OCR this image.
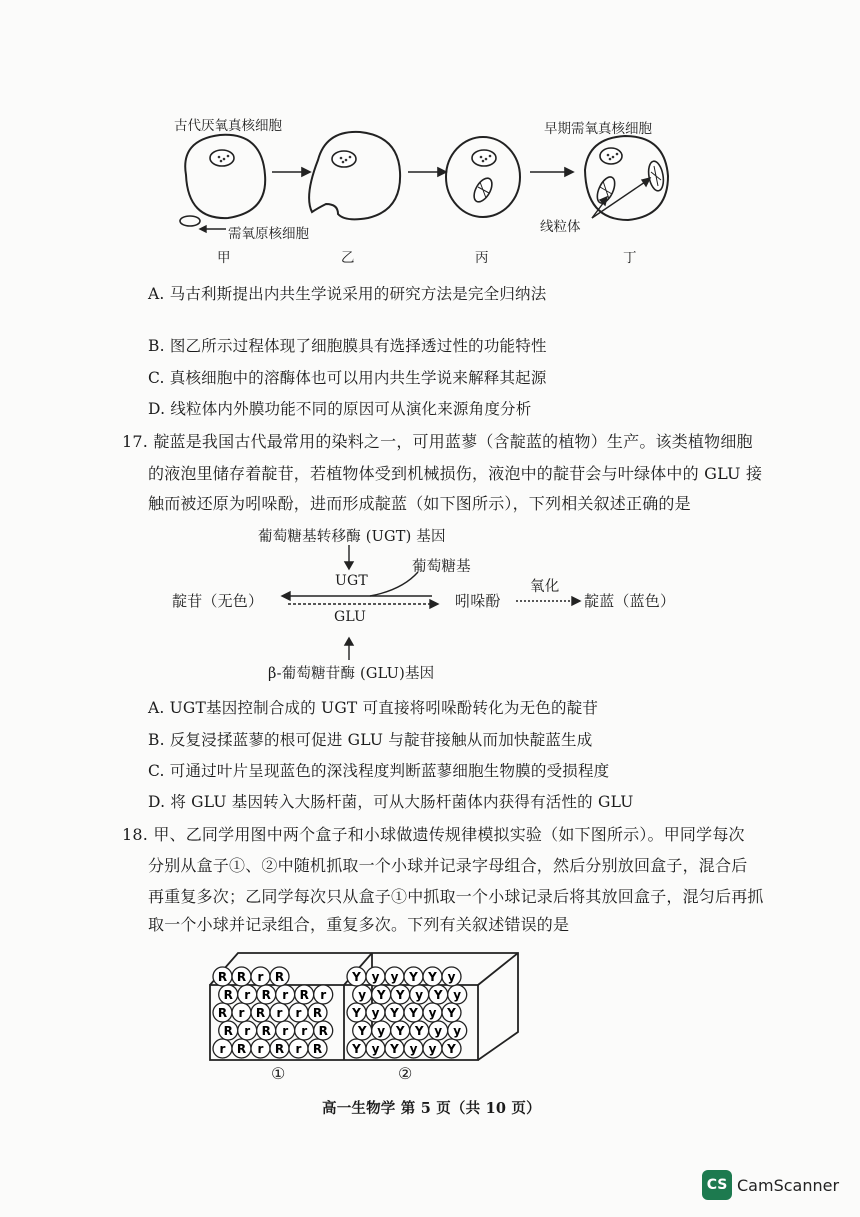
古代厌氧真核细胞
需氧原核细胞
早期需氧真核细胞
线粒体
甲	乙	丙	丁
A. 马古利斯提出内共生学说采用的研究方法是完全归纳法
B. 图乙所示过程体现了细胞膜具有选择透过性的功能特性
C. 真核细胞中的溶酶体也可以用内共生学说来解释其起源
D. 线粒体内外膜功能不同的原因可从演化来源角度分析
17. 靛蓝是我国古代最常用的染料之一，可用蓝蓼（含靛蓝的植物）生产。该类植物细胞
的液泡里储存着靛苷，若植物体受到机械损伤，液泡中的靛苷会与叶绿体中的 GLU 接
触而被还原为吲哚酚，进而形成靛蓝（如下图所示），下列相关叙述正确的是
葡萄糖基转移酶 (UGT) 基因
UGT
葡萄糖基
靛苷（无色）	吲哚酚
氧化
靛蓝（蓝色）
GLU
β-葡萄糖苷酶 (GLU)基因
A. UGT基因控制合成的 UGT 可直接将吲哚酚转化为无色的靛苷
B. 反复浸揉蓝蓼的根可促进 GLU 与靛苷接触从而加快靛蓝生成
C. 可通过叶片呈现蓝色的深浅程度判断蓝蓼细胞生物膜的受损程度
D. 将 GLU 基因转入大肠杆菌，可从大肠杆菌体内获得有活性的 GLU
18. 甲、乙同学用图中两个盒子和小球做遗传规律模拟实验（如下图所示）。甲同学每次
分别从盒子①、②中随机抓取一个小球并记录字母组合，然后分别放回盒子，混合后
再重复多次；乙同学每次只从盒子①中抓取一个小球记录后将其放回盒子，混匀后再抓
取一个小球并记录组合，重复多次。下列有关叙述错误的是
r R r R r R
R r R r r R
R r R r r R
R r R r R r
R R r R
Y y Y y y Y
Y y Y Y y y
Y y Y Y y Y
y Y Y y Y y
Y y y Y Y y
①	②
高一生物学 第 5 页（共 10 页）
CS CamScanner
